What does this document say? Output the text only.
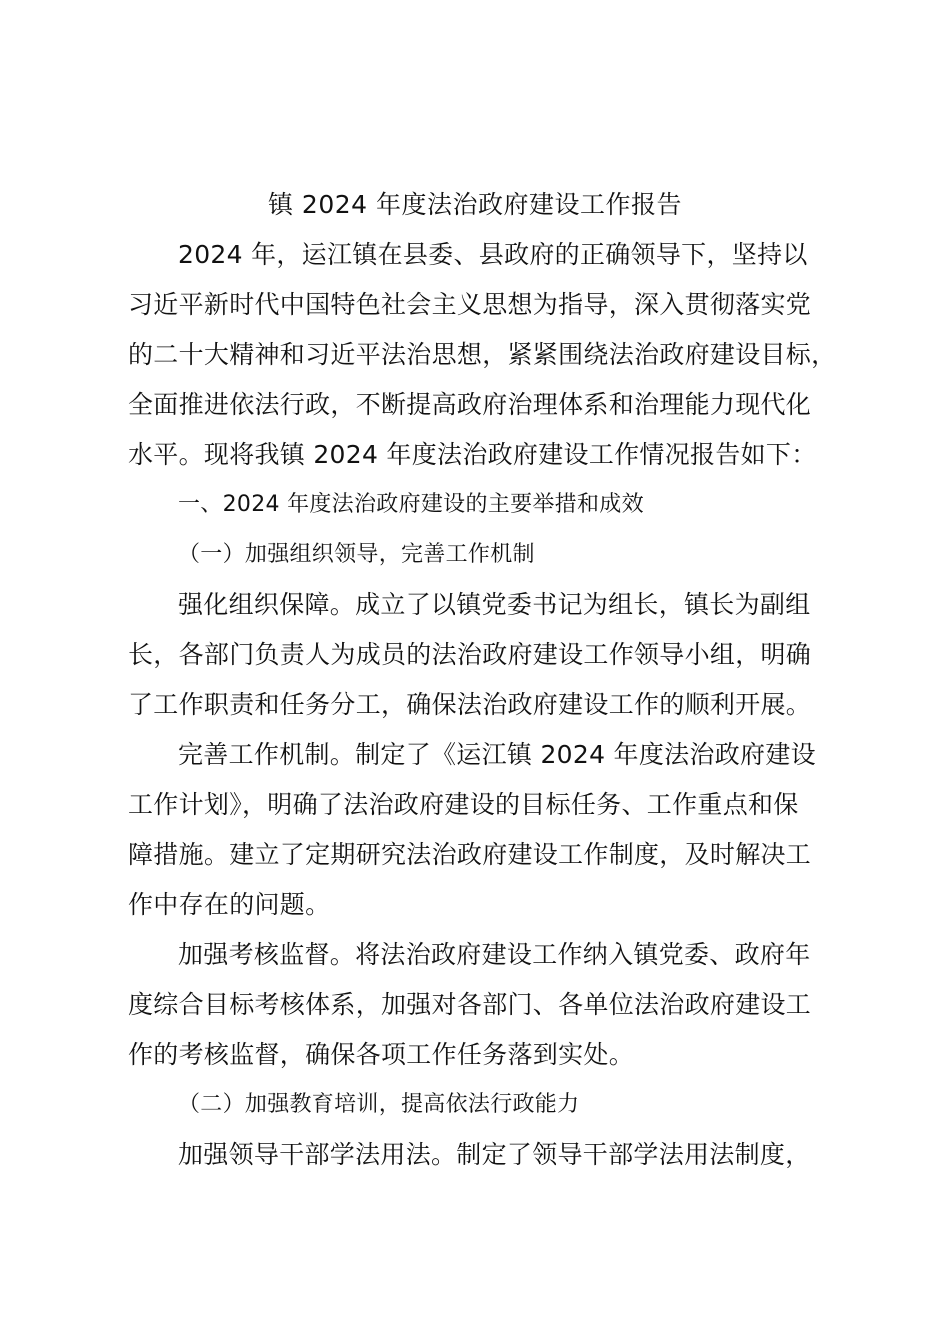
镇 2024 年度法治政府建设工作报告
2024 年，运江镇在县委、县政府的正确领导下，坚持以
习近平新时代中国特色社会主义思想为指导，深入贯彻落实党
的二十大精神和习近平法治思想，紧紧围绕法治政府建设目标，
全面推进依法行政，不断提高政府治理体系和治理能力现代化
水平。现将我镇 2024 年度法治政府建设工作情况报告如下：
一、2024 年度法治政府建设的主要举措和成效
（一）加强组织领导，完善工作机制
强化组织保障。成立了以镇党委书记为组长，镇长为副组
长，各部门负责人为成员的法治政府建设工作领导小组，明确
了工作职责和任务分工，确保法治政府建设工作的顺利开展。
完善工作机制。制定了《运江镇 2024 年度法治政府建设
工作计划》，明确了法治政府建设的目标任务、工作重点和保
障措施。建立了定期研究法治政府建设工作制度，及时解决工
作中存在的问题。
加强考核监督。将法治政府建设工作纳入镇党委、政府年
度综合目标考核体系，加强对各部门、各单位法治政府建设工
作的考核监督，确保各项工作任务落到实处。
（二）加强教育培训，提高依法行政能力
加强领导干部学法用法。制定了领导干部学法用法制度，
